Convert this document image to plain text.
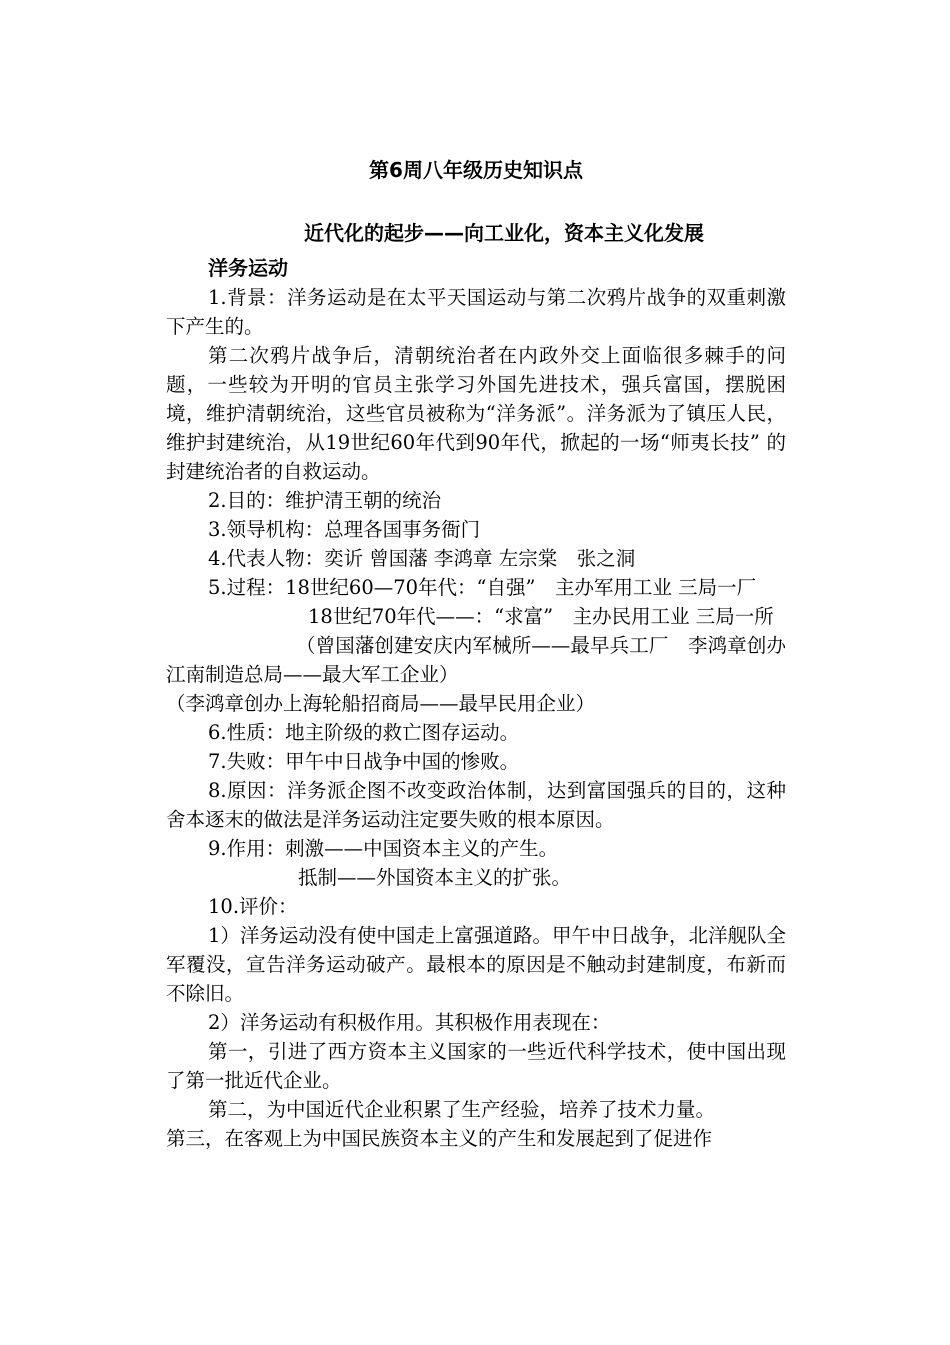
第6周八年级历史知识点
近代化的起步——向工业化，资本主义化发展
洋务运动

1.背景：洋务运动是在太平天国运动与第二次鸦片战争的双重刺激下产生的。

第二次鸦片战争后，清朝统治者在内政外交上面临很多棘手的问题，一些较为开明的官员主张学习外国先进技术，强兵富国，摆脱困境，维护清朝统治，这些官员被称为“洋务派”。洋务派为了镇压人民，维护封建统治，从19世纪60年代到90年代，掀起的一场“师夷长技” 的封建统治者的自救运动。

2.目的：维护清王朝的统治

3.领导机构：总理各国事务衙门

4.代表人物：奕䜣 曾国藩 李鸿章 左宗棠　张之洞

5.过程：18世纪60—70年代：“自强”　主办军用工业 三局一厂

18世纪70年代——：“求富”　主办民用工业 三局一所

（曾国藩创建安庆内军械所——最早兵工厂　李鸿章创办江南制造总局——最大军工企业）

（李鸿章创办上海轮船招商局——最早民用企业）

6.性质：地主阶级的救亡图存运动。

7.失败：甲午中日战争中国的惨败。

8.原因：洋务派企图不改变政治体制，达到富国强兵的目的，这种舍本逐末的做法是洋务运动注定要失败的根本原因。

9.作用：刺激——中国资本主义的产生。

抵制——外国资本主义的扩张。

10.评价：

1）洋务运动没有使中国走上富强道路。甲午中日战争，北洋舰队全军覆没，宣告洋务运动破产。最根本的原因是不触动封建制度，布新而不除旧。

2）洋务运动有积极作用。其积极作用表现在：

第一，引进了西方资本主义国家的一些近代科学技术，使中国出现了第一批近代企业。

第二，为中国近代企业积累了生产经验，培养了技术力量。

第三，在客观上为中国民族资本主义的产生和发展起到了促进作
